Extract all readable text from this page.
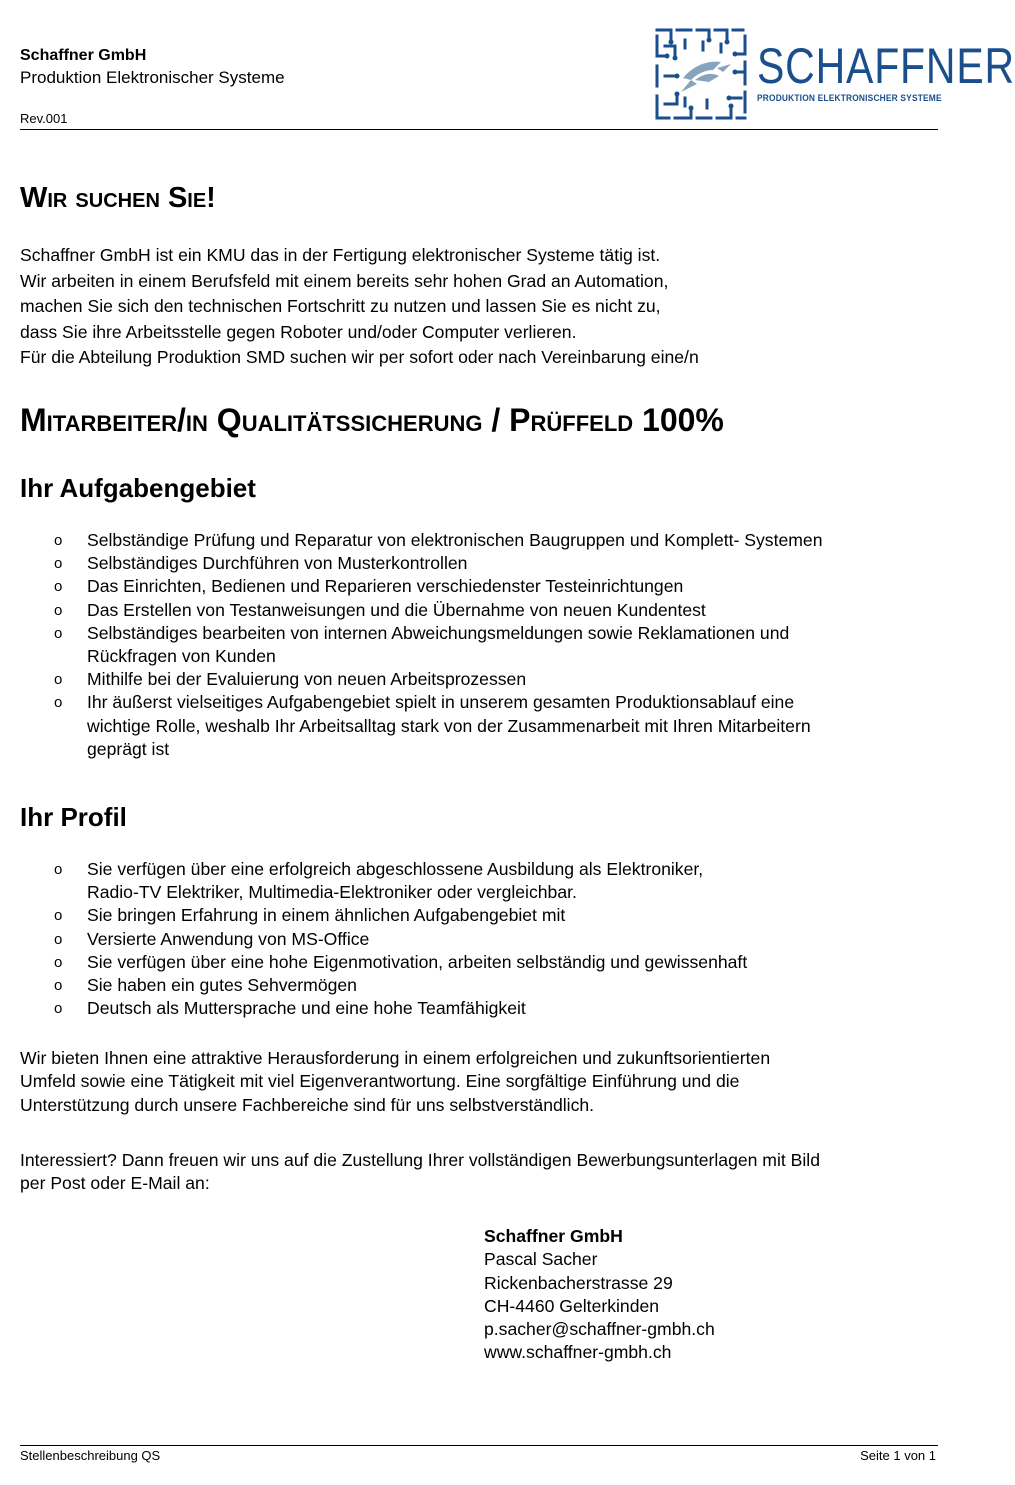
Schaffner GmbH
Produktion Elektronischer Systeme
Rev.001
SCHAFFNER
PRODUKTION ELEKTRONISCHER SYSTEME
Wir suchen Sie!
Schaffner GmbH ist ein KMU das in der Fertigung elektronischer Systeme tätig ist.
Wir arbeiten in einem Berufsfeld mit einem bereits sehr hohen Grad an Automation,
machen Sie sich den technischen Fortschritt zu nutzen und lassen Sie es nicht zu,
dass Sie ihre Arbeitsstelle gegen Roboter und/oder Computer verlieren.
Für die Abteilung Produktion SMD suchen wir per sofort oder nach Vereinbarung eine/n
Mitarbeiter/in Qualitätssicherung / Prüffeld 100%
Ihr Aufgabengebiet
o Selbständige Prüfung und Reparatur von elektronischen Baugruppen und Komplett- Systemen
o Selbständiges Durchführen von Musterkontrollen
o Das Einrichten, Bedienen und Reparieren verschiedenster Testeinrichtungen
o Das Erstellen von Testanweisungen und die Übernahme von neuen Kundentest
o Selbständiges bearbeiten von internen Abweichungsmeldungen sowie Reklamationen und
Rückfragen von Kunden
o Mithilfe bei der Evaluierung von neuen Arbeitsprozessen
o Ihr äußerst vielseitiges Aufgabengebiet spielt in unserem gesamten Produktionsablauf eine
wichtige Rolle, weshalb Ihr Arbeitsalltag stark von der Zusammenarbeit mit Ihren Mitarbeitern
geprägt ist
Ihr Profil
o Sie verfügen über eine erfolgreich abgeschlossene Ausbildung als Elektroniker,
Radio-TV Elektriker, Multimedia-Elektroniker oder vergleichbar.
o Sie bringen Erfahrung in einem ähnlichen Aufgabengebiet mit
o Versierte Anwendung von MS-Office
o Sie verfügen über eine hohe Eigenmotivation, arbeiten selbständig und gewissenhaft
o Sie haben ein gutes Sehvermögen
o Deutsch als Muttersprache und eine hohe Teamfähigkeit
Wir bieten Ihnen eine attraktive Herausforderung in einem erfolgreichen und zukunftsorientierten
Umfeld sowie eine Tätigkeit mit viel Eigenverantwortung. Eine sorgfältige Einführung und die
Unterstützung durch unsere Fachbereiche sind für uns selbstverständlich.
Interessiert? Dann freuen wir uns auf die Zustellung Ihrer vollständigen Bewerbungsunterlagen mit Bild
per Post oder E-Mail an:
Schaffner GmbH
Pascal Sacher
Rickenbacherstrasse 29
CH-4460 Gelterkinden
p.sacher@schaffner-gmbh.ch
www.schaffner-gmbh.ch
Stellenbeschreibung QS	Seite 1 von 1
